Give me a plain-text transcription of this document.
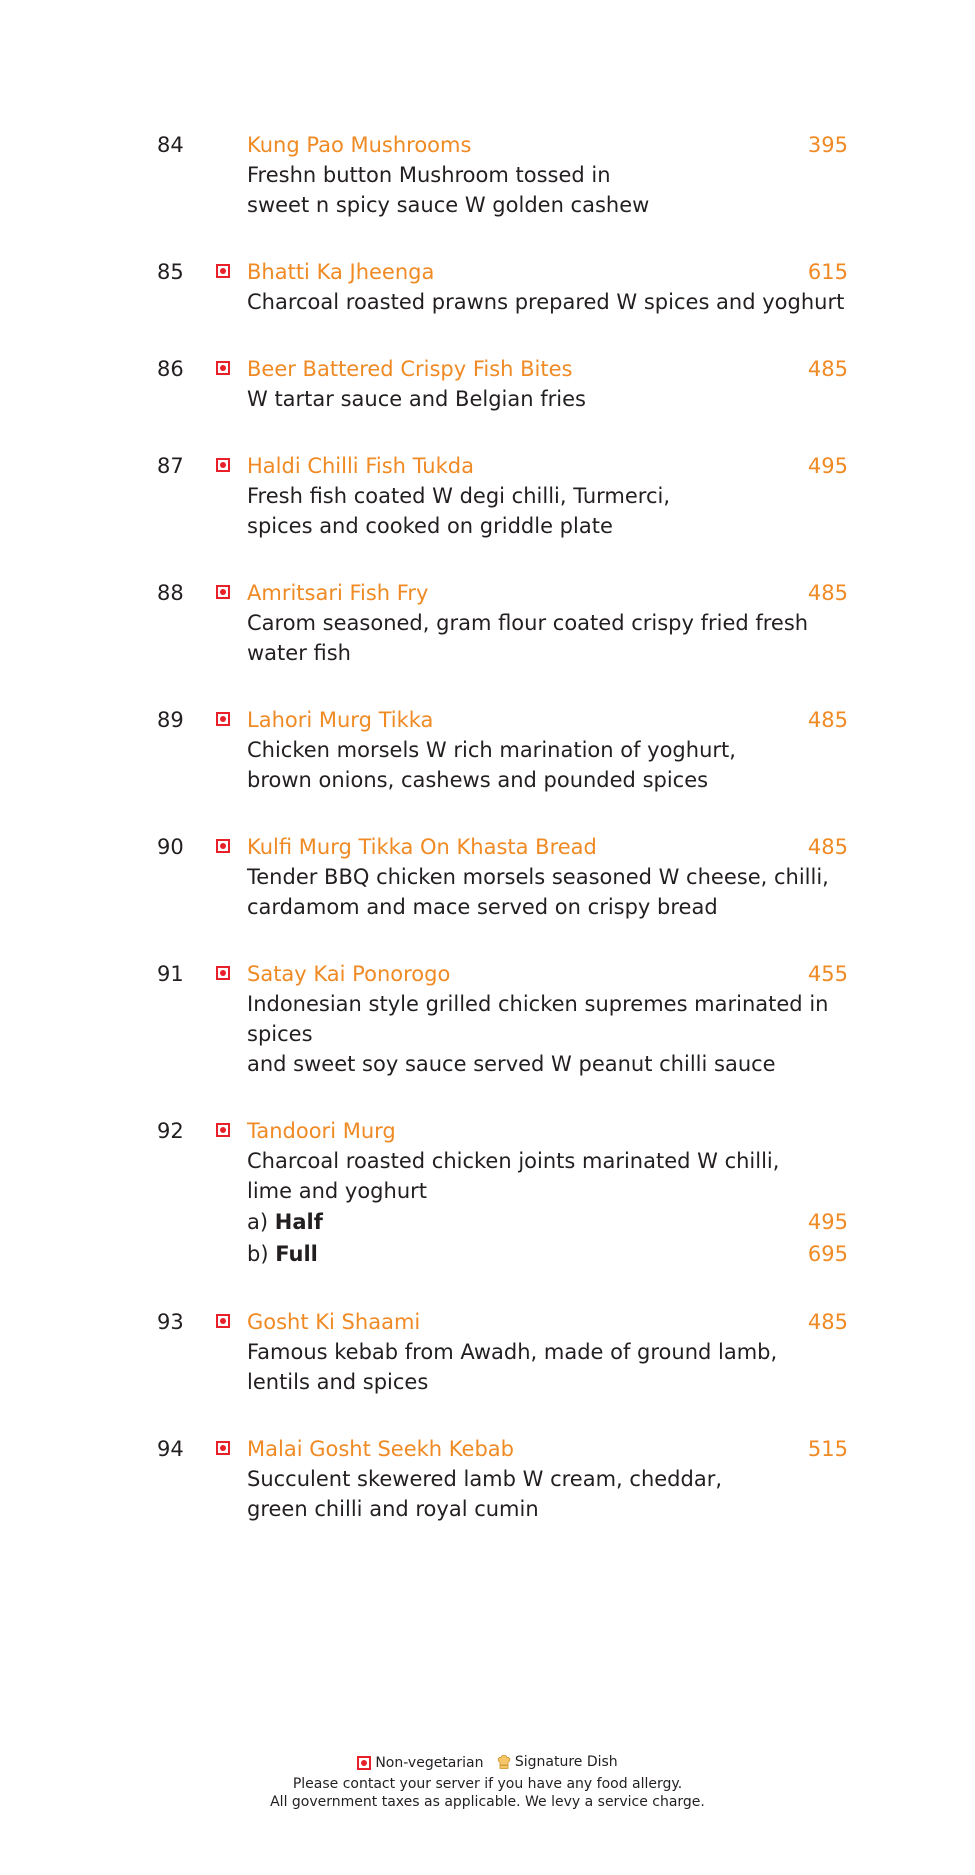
84	Kung Pao Mushrooms	395
Freshn button Mushroom tossed in
sweet n spicy sauce W golden cashew
85	Bhatti Ka Jheenga	615
Charcoal roasted prawns prepared W spices and yoghurt
86	Beer Battered Crispy Fish Bites	485
W tartar sauce and Belgian fries
87	Haldi Chilli Fish Tukda	495
Fresh fish coated W degi chilli, Turmerci,
spices and cooked on griddle plate
88	Amritsari Fish Fry	485
Carom seasoned, gram flour coated crispy fried fresh
water fish
89	Lahori Murg Tikka	485
Chicken morsels W rich marination of yoghurt,
brown onions, cashews and pounded spices
90	Kulfi Murg Tikka On Khasta Bread	485
Tender BBQ chicken morsels seasoned W cheese, chilli,
cardamom and mace served on crispy bread
91	Satay Kai Ponorogo	455
Indonesian style grilled chicken supremes marinated in spices
and sweet soy sauce served W peanut chilli sauce
92	Tandoori Murg
Charcoal roasted chicken joints marinated W chilli,
lime and yoghurt
a) Half	495
b) Full	695
93	Gosht Ki Shaami	485
Famous kebab from Awadh, made of ground lamb,
lentils and spices
94	Malai Gosht Seekh Kebab	515
Succulent skewered lamb W cream, cheddar,
green chilli and royal cumin
Non-vegetarian
Signature Dish
Please contact your server if you have any food allergy.
All government taxes as applicable. We levy a service charge.
